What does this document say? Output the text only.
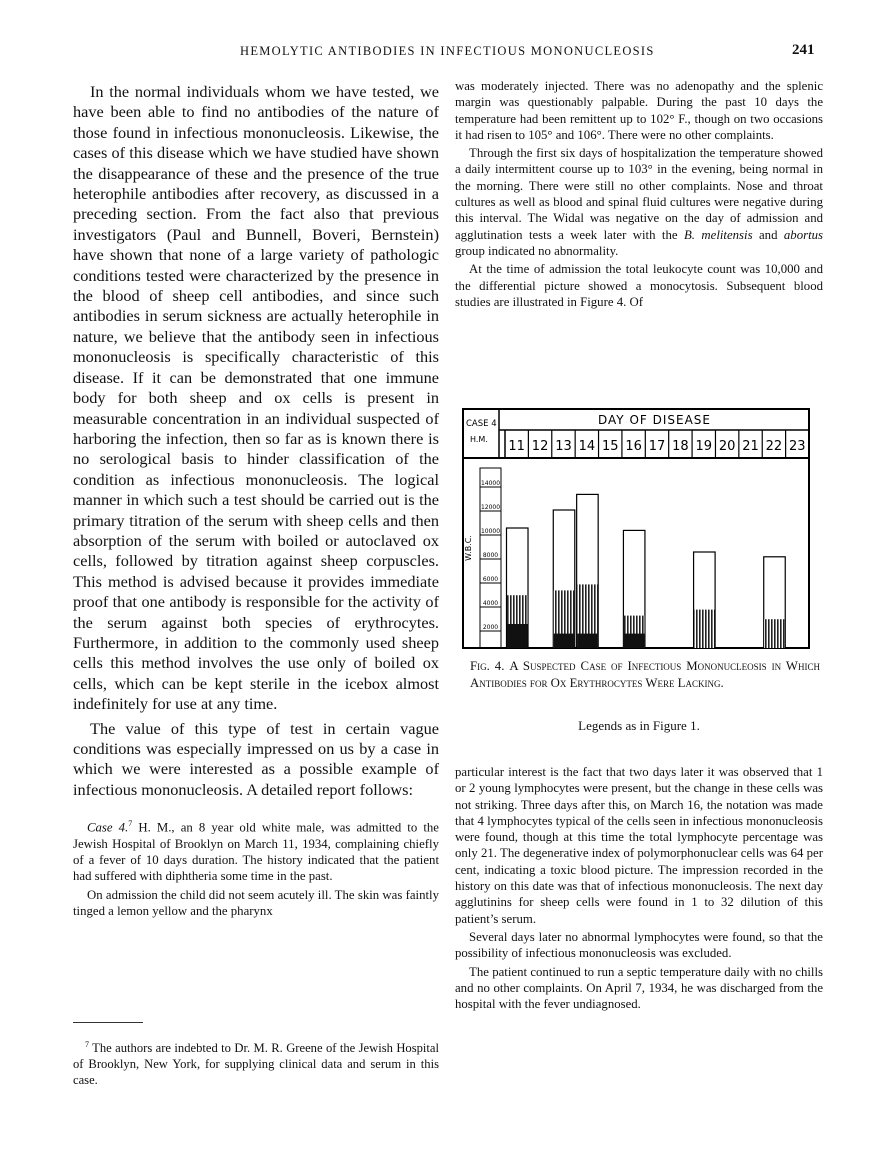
HEMOLYTIC ANTIBODIES IN INFECTIOUS MONONUCLEOSIS	241

In the normal individuals whom we have tested, we have been able to find no antibodies of the nature of those found in infectious mononucleosis. Likewise, the cases of this disease which we have studied have shown the disappearance of these and the presence of the true heterophile antibodies after recovery, as discussed in a preceding section. From the fact also that previous investigators (Paul and Bunnell, Boveri, Bernstein) have shown that none of a large variety of pathologic conditions tested were characterized by the presence in the blood of sheep cell antibodies, and since such antibodies in serum sickness are actually heterophile in nature, we believe that the antibody seen in infectious mononucleosis is specifically characteristic of this disease. If it can be demonstrated that one immune body for both sheep and ox cells is present in measurable concentration in an individual suspected of harboring the infection, then so far as is known there is no serological basis to hinder classification of the condition as infectious mononucleosis. The logical manner in which such a test should be carried out is the primary titration of the serum with sheep cells and then absorption of the serum with boiled or autoclaved ox cells, followed by titration against sheep corpuscles. This method is advised because it provides immediate proof that one antibody is responsible for the activity of the serum against both species of erythrocytes. Furthermore, in addition to the commonly used sheep cells this method involves the use only of boiled ox cells, which can be kept sterile in the icebox almost indefinitely for use at any time.

The value of this type of test in certain vague conditions was especially impressed on us by a case in which we were interested as a possible example of infectious mononucleosis. A detailed report follows:

Case 4.$^7$ H. M., an 8 year old white male, was admitted to the Jewish Hospital of Brooklyn on March 11, 1934, complaining chiefly of a fever of 10 days duration. The history indicated that the patient had suffered with diphtheria some time in the past.

On admission the child did not seem acutely ill. The skin was faintly tinged a lemon yellow and the pharynx

$^7$ The authors are indebted to Dr. M. R. Greene of the Jewish Hospital of Brooklyn, New York, for supplying clinical data and serum in this case.

was moderately injected. There was no adenopathy and the splenic margin was questionably palpable. During the past 10 days the temperature had been remittent up to 102° F., though on two occasions it had risen to 105° and 106°. There were no other complaints.

Through the first six days of hospitalization the temperature showed a daily intermittent course up to 103° in the evening, being normal in the morning. There were still no other complaints. Nose and throat cultures as well as blood and spinal fluid cultures were negative during this interval. The Widal was negative on the day of admission and agglutination tests a week later with the B. melitensis and abortus group indicated no abnormality.

At the time of admission the total leukocyte count was 10,000 and the differential picture showed a monocytosis. Subsequent blood studies are illustrated in Figure 4. Of

CASE 4
H.M.
DAY OF DISEASE
11 12 13 14 15 16 17 18 19 20 21 22 23
14000
12000
10000
8000
6000
4000
2000
W.B.C.
Fig. 4. A Suspected Case of Infectious Mononucleosis in Which Antibodies for Ox Erythrocytes Were Lacking.
Legends as in Figure 1.

particular interest is the fact that two days later it was observed that 1 or 2 young lymphocytes were present, but the change in these cells was not striking. Three days after this, on March 16, the notation was made that 4 lymphocytes typical of the cells seen in infectious mononucleosis were found, though at this time the total lymphocyte percentage was only 21. The degenerative index of polymorphonuclear cells was 64 per cent, indicating a toxic blood picture. The impression recorded in the history on this date was that of infectious mononucleosis. The next day agglutinins for sheep cells were found in 1 to 32 dilution of this patient’s serum.

Several days later no abnormal lymphocytes were found, so that the possibility of infectious mononucleosis was excluded.

The patient continued to run a septic temperature daily with no chills and no other complaints. On April 7, 1934, he was discharged from the hospital with the fever undiagnosed.
